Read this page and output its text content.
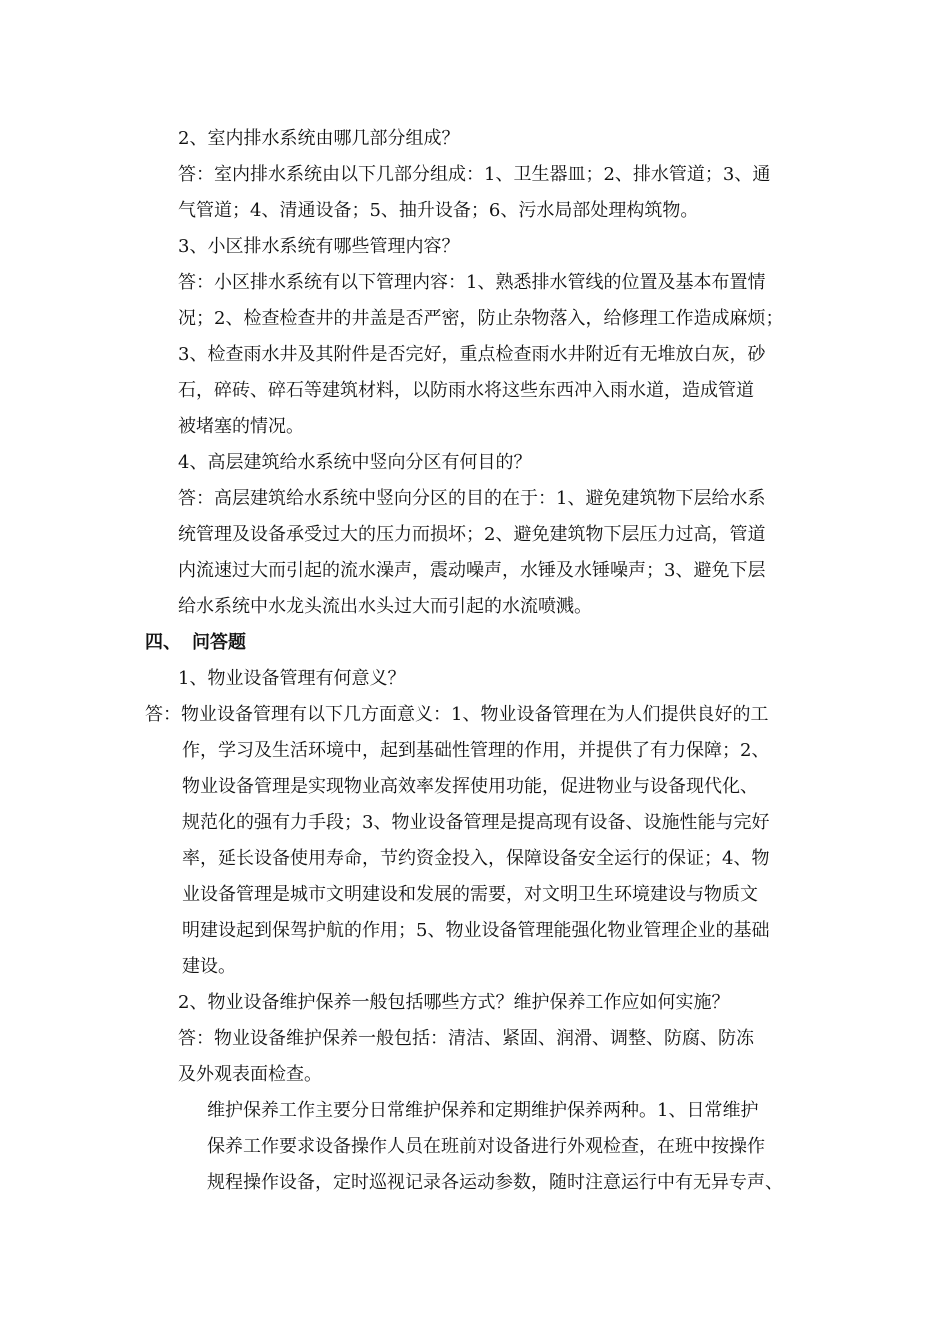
2、室内排水系统由哪几部分组成？
答：室内排水系统由以下几部分组成：1、卫生器皿；2、排水管道；3、通
气管道；4、清通设备；5、抽升设备；6、污水局部处理构筑物。
3、小区排水系统有哪些管理内容？
答：小区排水系统有以下管理内容：1、熟悉排水管线的位置及基本布置情
况；2、检查检查井的井盖是否严密，防止杂物落入，给修理工作造成麻烦；
3、检查雨水井及其附件是否完好，重点检查雨水井附近有无堆放白灰，砂
石，碎砖、碎石等建筑材料，以防雨水将这些东西冲入雨水道，造成管道
被堵塞的情况。
4、高层建筑给水系统中竖向分区有何目的？
答：高层建筑给水系统中竖向分区的目的在于：1、避免建筑物下层给水系
统管理及设备承受过大的压力而损坏；2、避免建筑物下层压力过高，管道
内流速过大而引起的流水澡声，震动噪声，水锤及水锤噪声；3、避免下层
给水系统中水龙头流出水头过大而引起的水流喷溅。
四、 问答题
1、物业设备管理有何意义？
答：物业设备管理有以下几方面意义：1、物业设备管理在为人们提供良好的工
作，学习及生活环境中，起到基础性管理的作用，并提供了有力保障；2、
物业设备管理是实现物业高效率发挥使用功能，促进物业与设备现代化、
规范化的强有力手段；3、物业设备管理是提高现有设备、设施性能与完好
率，延长设备使用寿命，节约资金投入，保障设备安全运行的保证；4、物
业设备管理是城市文明建设和发展的需要，对文明卫生环境建设与物质文
明建设起到保驾护航的作用；5、物业设备管理能强化物业管理企业的基础
建设。
2、物业设备维护保养一般包括哪些方式？维护保养工作应如何实施？
答：物业设备维护保养一般包括：清洁、紧固、润滑、调整、防腐、防冻
及外观表面检查。
维护保养工作主要分日常维护保养和定期维护保养两种。1、日常维护
保养工作要求设备操作人员在班前对设备进行外观检查，在班中按操作
规程操作设备，定时巡视记录各运动参数，随时注意运行中有无异专声、
